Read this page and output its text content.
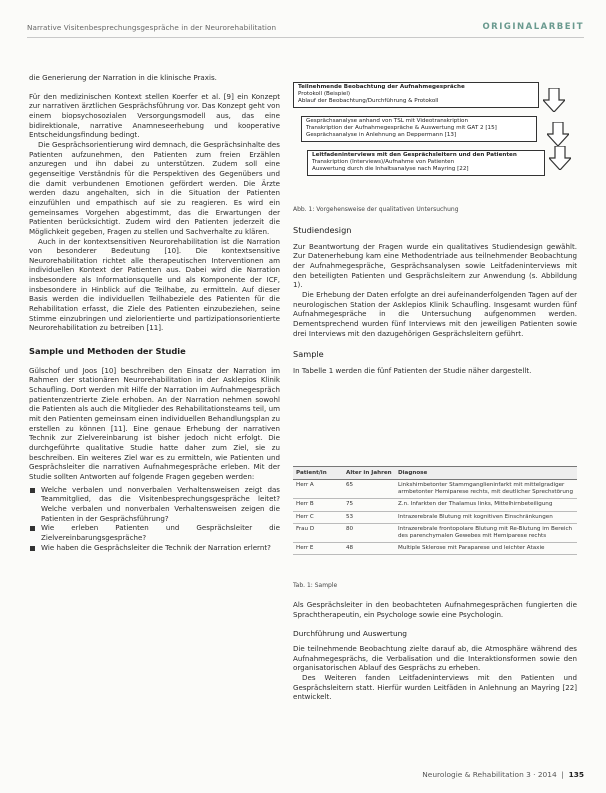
Narrative Visitenbesprechungsgespräche in der Neurorehabilitation	ORIGINALARBEIT

die Generierung der Narration in die klinische Praxis.

Für den medizinischen Kontext stellen Koerfer et al. [9] ein Konzept zur narrativen ärztlichen Gesprächsführung vor. Das Konzept geht von einem biopsychosozialen Versorgungsmodell aus, das eine bidirektionale, narrative Anamneseerhebung und kooperative Entscheidungsfindung bedingt.

Die Gesprächsorientierung wird demnach, die Gesprächsinhalte des Patienten aufzunehmen, den Patienten zum freien Erzählen anzuregen und ihn dabei zu unterstützen. Zudem soll eine gegenseitige Verständnis für die Perspektiven des Gegenübers und die damit verbundenen Emotionen gefördert werden. Die Ärzte werden dazu angehalten, sich in die Situation der Patienten einzufühlen und empathisch auf sie zu reagieren. Es wird ein gemeinsames Vorgehen abgestimmt, das die Erwartungen der Patienten berücksichtigt. Zudem wird den Patienten jederzeit die Möglichkeit gegeben, Fragen zu stellen und Sachverhalte zu klären.

Auch in der kontextsensitiven Neurorehabilitation ist die Narration von besonderer Bedeutung [10]. Die kontextsensitive Neurorehabilitation richtet alle therapeutischen Interventionen am individuellen Kontext der Patienten aus. Dabei wird die Narration insbesondere als Informationsquelle und als Komponente der ICF, insbesondere in Hinblick auf die Teilhabe, zu ermitteln. Auf dieser Basis werden die individuellen Teilhabeziele des Patienten für die Rehabilitation erfasst, die Ziele des Patienten einzubeziehen, seine Stimme einzubringen und zielorientierte und partizipationsorientierte Neurorehabilitation zu betreiben [11].

Sample und Methoden der Studie

Gülschof und Joos [10] beschreiben den Einsatz der Narration im Rahmen der stationären Neurorehabilitation in der Asklepios Klinik Schaufling. Dort werden mit Hilfe der Narration im Aufnahmegespräch patientenzentrierte Ziele erhoben. An der Narration nehmen sowohl die Patienten als auch die Mitglieder des Rehabilitationsteams teil, um mit den Patienten gemeinsam einen individuellen Behandlungsplan zu erstellen zu können [11]. Eine genaue Erhebung der narrativen Technik zur Zielvereinbarung ist bisher jedoch nicht erfolgt. Die durchgeführte qualitative Studie hatte daher zum Ziel, sie zu beschreiben. Ein weiteres Ziel war es zu ermitteln, wie Patienten und Gesprächsleiter die narrativen Aufnahmegespräche erleben. Mit der Studie sollten Antworten auf folgende Fragen gegeben werden:

Welche verbalen und nonverbalen Verhaltensweisen zeigt das Teammitglied, das die Visitenbesprechungsgespräche leitet? Welche verbalen und nonverbalen Verhaltensweisen zeigen die Patienten in der Gesprächsführung?
Wie erleben Patienten und Gesprächsleiter die Zielvereinbarungsgespräche?
Wie haben die Gesprächsleiter die Technik der Narration erlernt?
Teilnehmende Beobachtung der Aufnahmegespräche
Protokoll (Beispiel)
Ablauf der Beobachtung/Durchführung & Protokoll
Gesprächsanalyse anhand von TSL mit Videotranskription
Transkription der Aufnahmegespräche & Auswertung mit GAT 2 [15]
Gesprächsanalyse in Anlehnung an Deppermann [13]
Leitfadeninterviews mit den Gesprächsleitern und den Patienten
Transkription (Interviews)/Aufnahme von Patienten
Auswertung durch die Inhaltsanalyse nach Mayring [22]
Abb. 1: Vorgehensweise der qualitativen Untersuchung
Studiendesign

Zur Beantwortung der Fragen wurde ein qualitatives Studiendesign gewählt. Zur Datenerhebung kam eine Methodentriade aus teilnehmender Beobachtung der Aufnahmegespräche, Gesprächsanalysen sowie Leitfadeninterviews mit den beteiligten Patienten und Gesprächsleitern zur Anwendung (s. Abbildung 1).

Die Erhebung der Daten erfolgte an drei aufeinanderfolgenden Tagen auf der neurologischen Station der Asklepios Klinik Schaufling. Insgesamt wurden fünf Aufnahmegespräche in die Untersuchung aufgenommen werden. Dementsprechend wurden fünf Interviews mit den jeweiligen Patienten sowie drei Interviews mit den dazugehörigen Gesprächsleitern geführt.

Sample

In Tabelle 1 werden die fünf Patienten der Studie näher dargestellt.

Patient/in	Alter in Jahren	Diagnose
Herr A	65	Linkshirnbetonter Stammganglieninfarkt mit mittelgradiger armbetonter Hemiparese rechts, mit deutlicher Sprechstörung
Herr B	75	Z.n. Infarkten der Thalamus links, Mittelhirnbeteiligung
Herr C	53	Intrazerebrale Blutung mit kognitiven Einschränkungen
Frau D	80	Intrazerebrale frontopolare Blutung mit Re-Blutung im Bereich des parenchymalen Gewebes mit Hemiparese rechts
Herr E	48	Multiple Sklerose mit Paraparese und leichter Ataxie
Tab. 1: Sample

Als Gesprächsleiter in den beobachteten Aufnahmegesprächen fungierten die Sprachtherapeutin, ein Psychologe sowie eine Psychologin.

Durchführung und Auswertung

Die teilnehmende Beobachtung zielte darauf ab, die Atmosphäre während des Aufnahmegesprächs, die Verbalisation und die Interaktionsformen sowie den organisatorischen Ablauf des Gesprächs zu erheben.

Des Weiteren fanden Leitfadeninterviews mit den Patienten und Gesprächsleitern statt. Hierfür wurden Leitfäden in Anlehnung an Mayring [22] entwickelt.

Neurologie & Rehabilitation 3 · 2014  |  135
